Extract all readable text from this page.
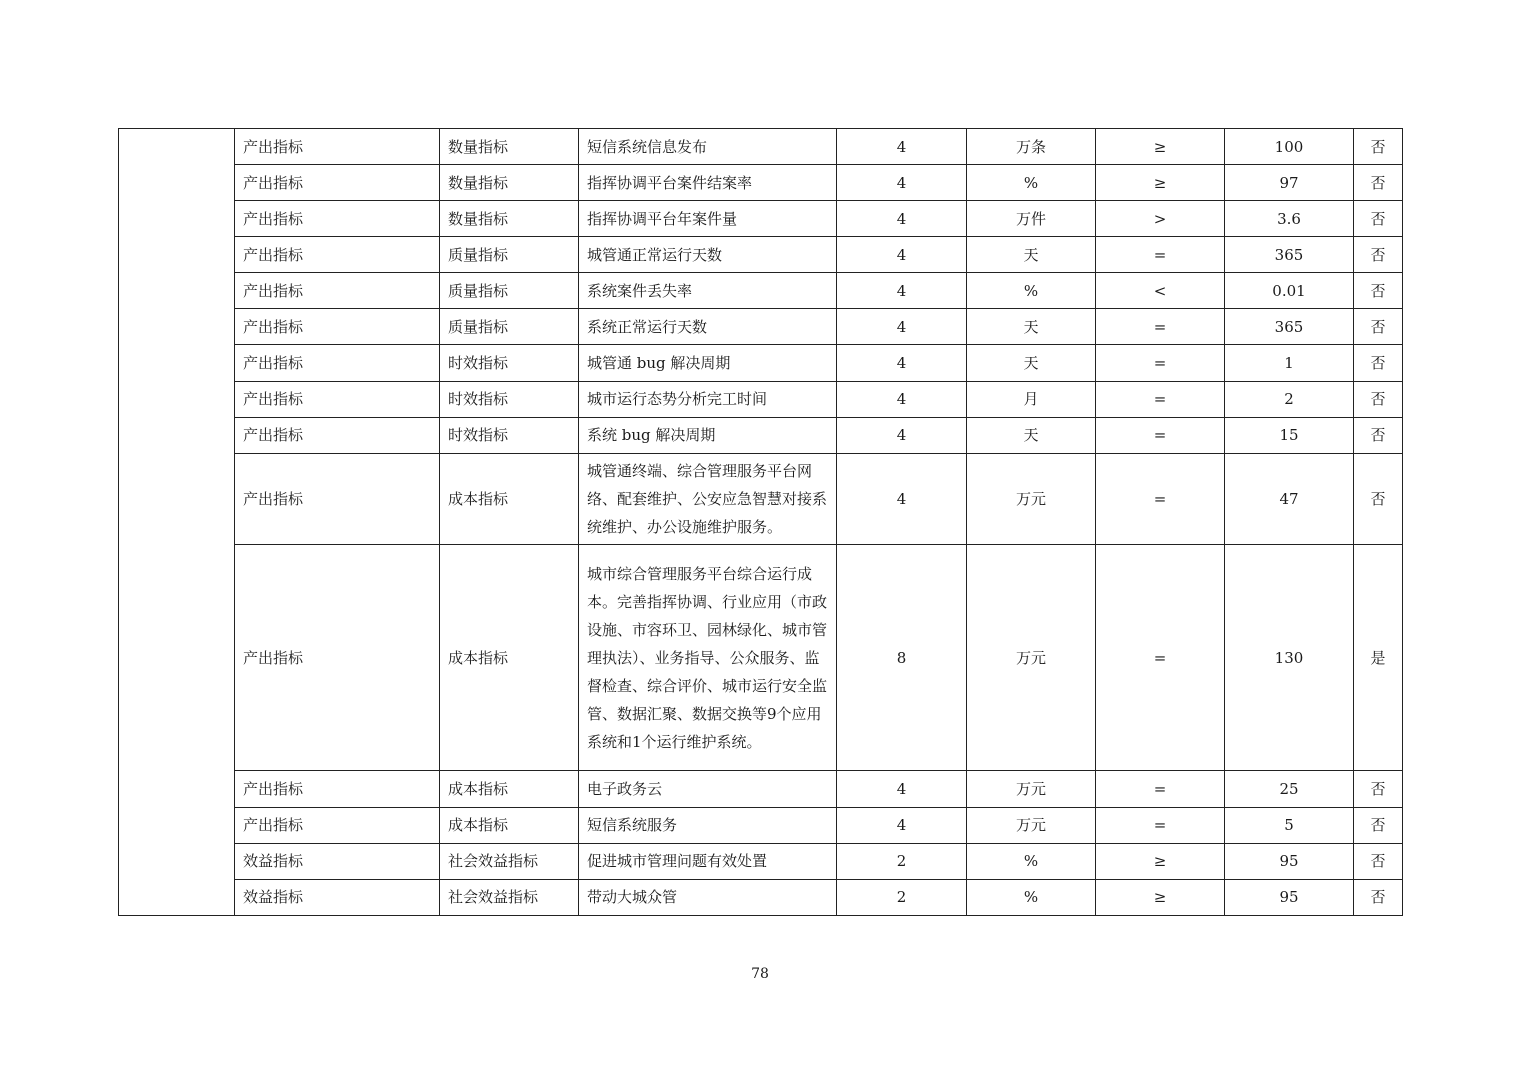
	产出指标	数量指标	短信系统信息发布	4	万条	≥	100	否
	产出指标	数量指标	指挥协调平台案件结案率	4	%	≥	97	否
	产出指标	数量指标	指挥协调平台年案件量	4	万件	>	3.6	否
	产出指标	质量指标	城管通正常运行天数	4	天	=	365	否
	产出指标	质量指标	系统案件丢失率	4	%	<	0.01	否
	产出指标	质量指标	系统正常运行天数	4	天	=	365	否
	产出指标	时效指标	城管通 bug 解决周期	4	天	=	1	否
	产出指标	时效指标	城市运行态势分析完工时间	4	月	=	2	否
	产出指标	时效指标	系统 bug 解决周期	4	天	=	15	否
	产出指标	成本指标	城管通终端、综合管理服务平台网络、配套维护、公安应急智慧对接系统维护、办公设施维护服务。	4	万元	=	47	否
	产出指标	成本指标	城市综合管理服务平台综合运行成本。完善指挥协调、行业应用（市政设施、市容环卫、园林绿化、城市管理执法）、业务指导、公众服务、监督检查、综合评价、城市运行安全监管、数据汇聚、数据交换等9个应用系统和1个运行维护系统。	8	万元	=	130	是
	产出指标	成本指标	电子政务云	4	万元	=	25	否
	产出指标	成本指标	短信系统服务	4	万元	=	5	否
	效益指标	社会效益指标	促进城市管理问题有效处置	2	%	≥	95	否
	效益指标	社会效益指标	带动大城众管	2	%	≥	95	否
78
